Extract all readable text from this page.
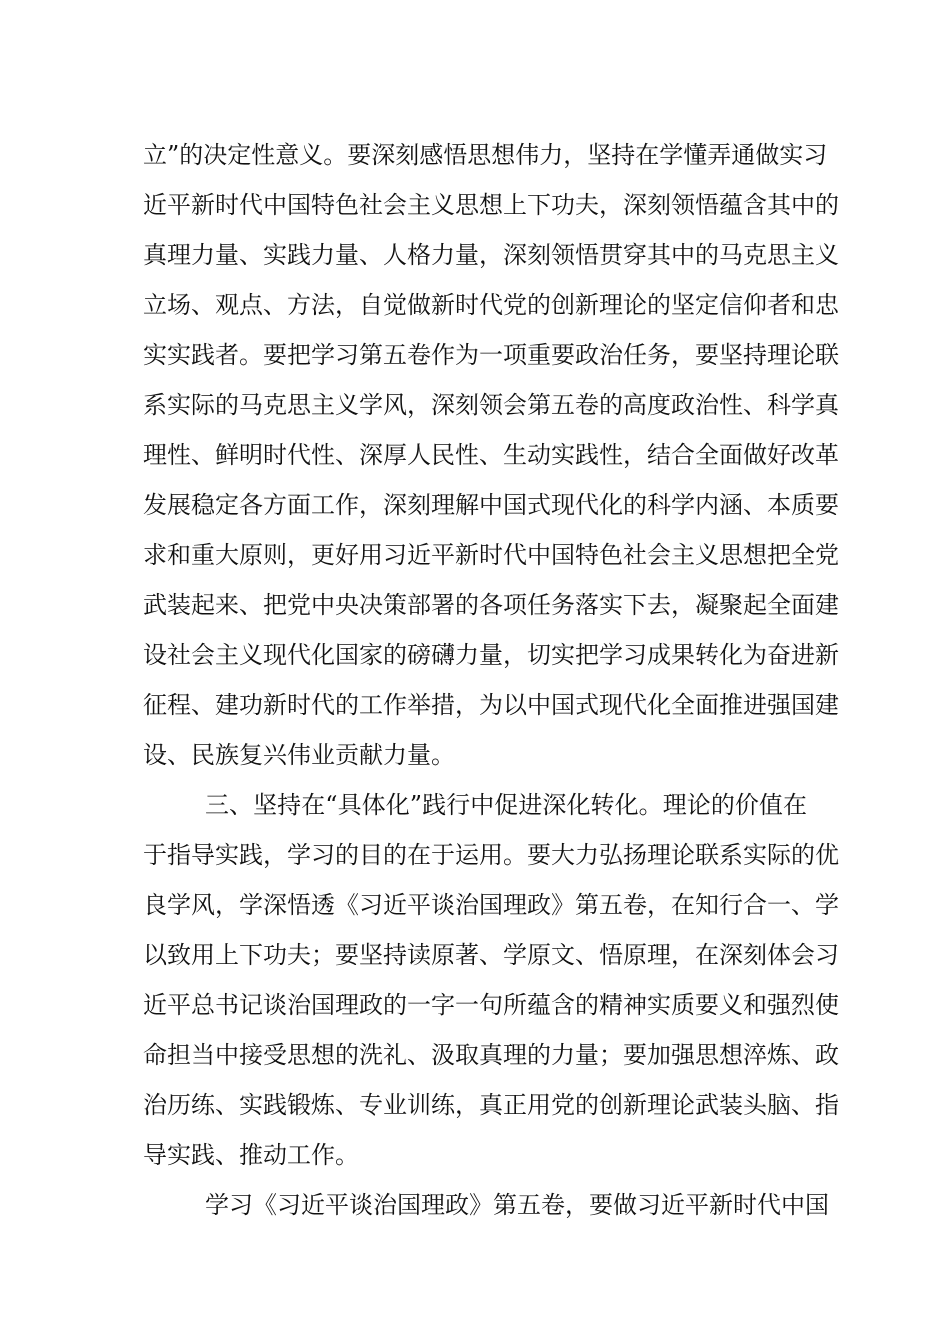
立”的决定性意义。要深刻感悟思想伟力，坚持在学懂弄通做实习
近平新时代中国特色社会主义思想上下功夫，深刻领悟蕴含其中的
真理力量、实践力量、人格力量，深刻领悟贯穿其中的马克思主义
立场、观点、方法，自觉做新时代党的创新理论的坚定信仰者和忠
实实践者。要把学习第五卷作为一项重要政治任务，要坚持理论联
系实际的马克思主义学风，深刻领会第五卷的高度政治性、科学真
理性、鲜明时代性、深厚人民性、生动实践性，结合全面做好改革
发展稳定各方面工作，深刻理解中国式现代化的科学内涵、本质要
求和重大原则，更好用习近平新时代中国特色社会主义思想把全党
武装起来、把党中央决策部署的各项任务落实下去，凝聚起全面建
设社会主义现代化国家的磅礴力量，切实把学习成果转化为奋进新
征程、建功新时代的工作举措，为以中国式现代化全面推进强国建
设、民族复兴伟业贡献力量。
三、坚持在“具体化”践行中促进深化转化。理论的价值在
于指导实践，学习的目的在于运用。要大力弘扬理论联系实际的优
良学风，学深悟透《习近平谈治国理政》第五卷，在知行合一、学
以致用上下功夫；要坚持读原著、学原文、悟原理，在深刻体会习
近平总书记谈治国理政的一字一句所蕴含的精神实质要义和强烈使
命担当中接受思想的洗礼、汲取真理的力量；要加强思想淬炼、政
治历练、实践锻炼、专业训练，真正用党的创新理论武装头脑、指
导实践、推动工作。
学习《习近平谈治国理政》第五卷，要做习近平新时代中国
